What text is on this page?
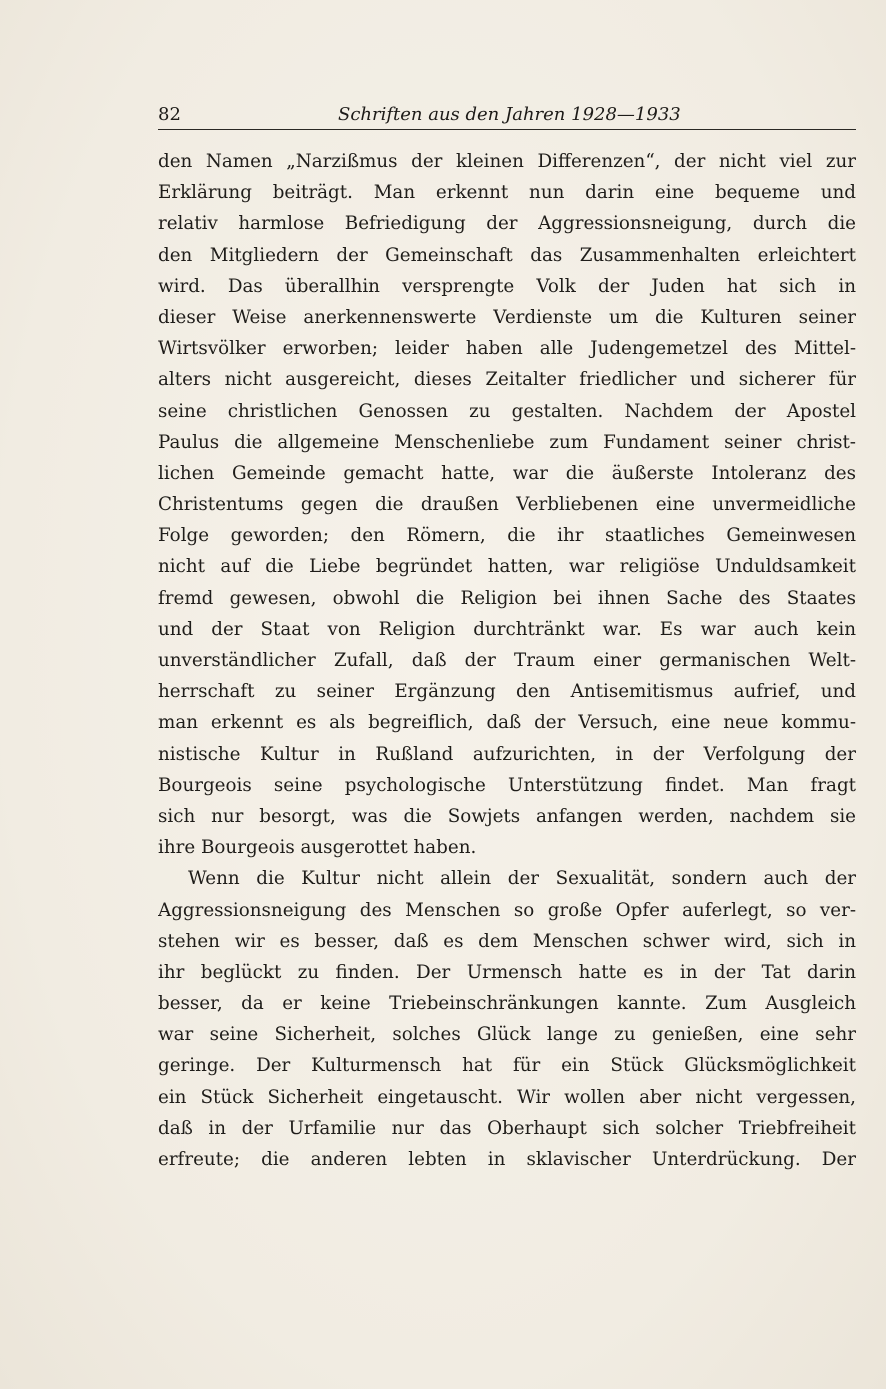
82	Schriften aus den Jahren 1928—1933
den Namen „Narzißmus der kleinen Differenzen“, der nicht viel zur
Erklärung beiträgt. Man erkennt nun darin eine bequeme und
relativ harmlose Befriedigung der Aggressionsneigung, durch die
den Mitgliedern der Gemeinschaft das Zusammenhalten erleichtert
wird. Das überallhin versprengte Volk der Juden hat sich in
dieser Weise anerkennenswerte Verdienste um die Kulturen seiner
Wirtsvölker erworben; leider haben alle Judengemetzel des Mittel-
alters nicht ausgereicht, dieses Zeitalter friedlicher und sicherer für
seine christlichen Genossen zu gestalten. Nachdem der Apostel
Paulus die allgemeine Menschenliebe zum Fundament seiner christ-
lichen Gemeinde gemacht hatte, war die äußerste Intoleranz des
Christentums gegen die draußen Verbliebenen eine unvermeidliche
Folge geworden; den Römern, die ihr staatliches Gemeinwesen
nicht auf die Liebe begründet hatten, war religiöse Unduldsamkeit
fremd gewesen, obwohl die Religion bei ihnen Sache des Staates
und der Staat von Religion durchtränkt war. Es war auch kein
unverständlicher Zufall, daß der Traum einer germanischen Welt-
herrschaft zu seiner Ergänzung den Antisemitismus aufrief, und
man erkennt es als begreiflich, daß der Versuch, eine neue kommu-
nistische Kultur in Rußland aufzurichten, in der Verfolgung der
Bourgeois seine psychologische Unterstützung findet. Man fragt
sich nur besorgt, was die Sowjets anfangen werden, nachdem sie
ihre Bourgeois ausgerottet haben.
Wenn die Kultur nicht allein der Sexualität, sondern auch der
Aggressionsneigung des Menschen so große Opfer auferlegt, so ver-
stehen wir es besser, daß es dem Menschen schwer wird, sich in
ihr beglückt zu finden. Der Urmensch hatte es in der Tat darin
besser, da er keine Triebeinschränkungen kannte. Zum Ausgleich
war seine Sicherheit, solches Glück lange zu genießen, eine sehr
geringe. Der Kulturmensch hat für ein Stück Glücksmöglichkeit
ein Stück Sicherheit eingetauscht. Wir wollen aber nicht vergessen,
daß in der Urfamilie nur das Oberhaupt sich solcher Triebfreiheit
erfreute; die anderen lebten in sklavischer Unterdrückung. Der
